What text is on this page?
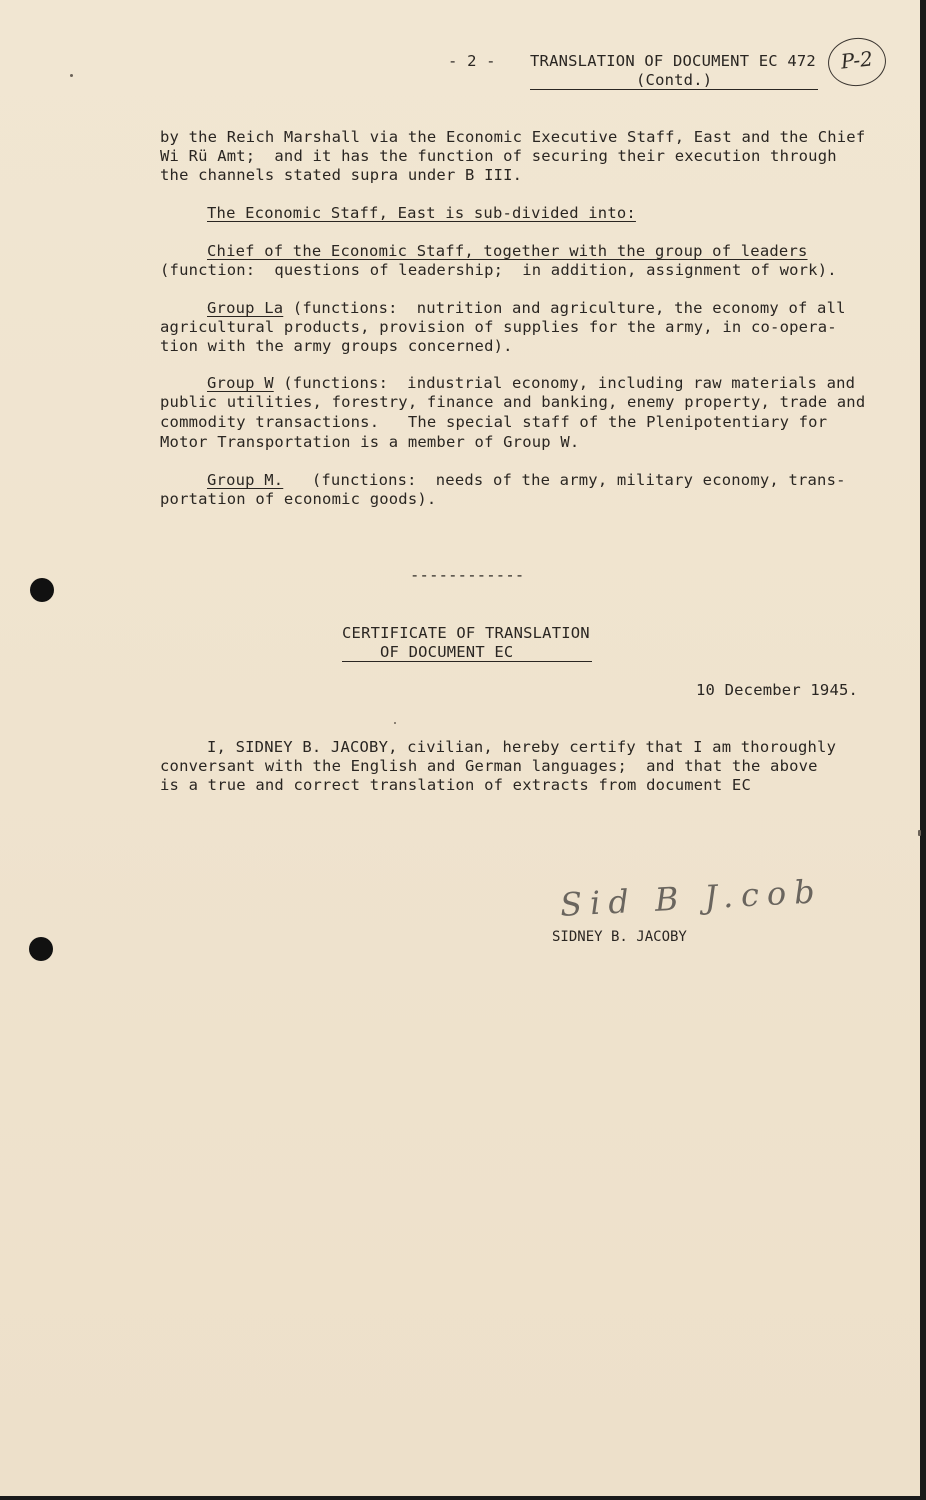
- 2 - TRANSLATION OF DOCUMENT EC 472
(Contd.)
P-2
by the Reich Marshall via the Economic Executive Staff, East and the Chief
Wi Rü Amt;  and it has the function of securing their execution through
the channels stated supra under B III.
The Economic Staff, East is sub-divided into:
Chief of the Economic Staff, together with the group of leaders
(function:  questions of leadership;  in addition, assignment of work).
Group La (functions:  nutrition and agriculture, the economy of all
agricultural products, provision of supplies for the army, in co-opera-
tion with the army groups concerned).
Group W (functions:  industrial economy, including raw materials and
public utilities, forestry, finance and banking, enemy property, trade and
commodity transactions.   The special staff of the Plenipotentiary for
Motor Transportation is a member of Group W.
Group M.   (functions:  needs of the army, military economy, trans-
portation of economic goods).
------------
CERTIFICATE OF TRANSLATION
OF DOCUMENT EC
10 December 1945.
I, SIDNEY B. JACOBY, civilian, hereby certify that I am thoroughly
conversant with the English and German languages;  and that the above
is a true and correct translation of extracts from document EC
Sid B J.cob
SIDNEY B. JACOBY
